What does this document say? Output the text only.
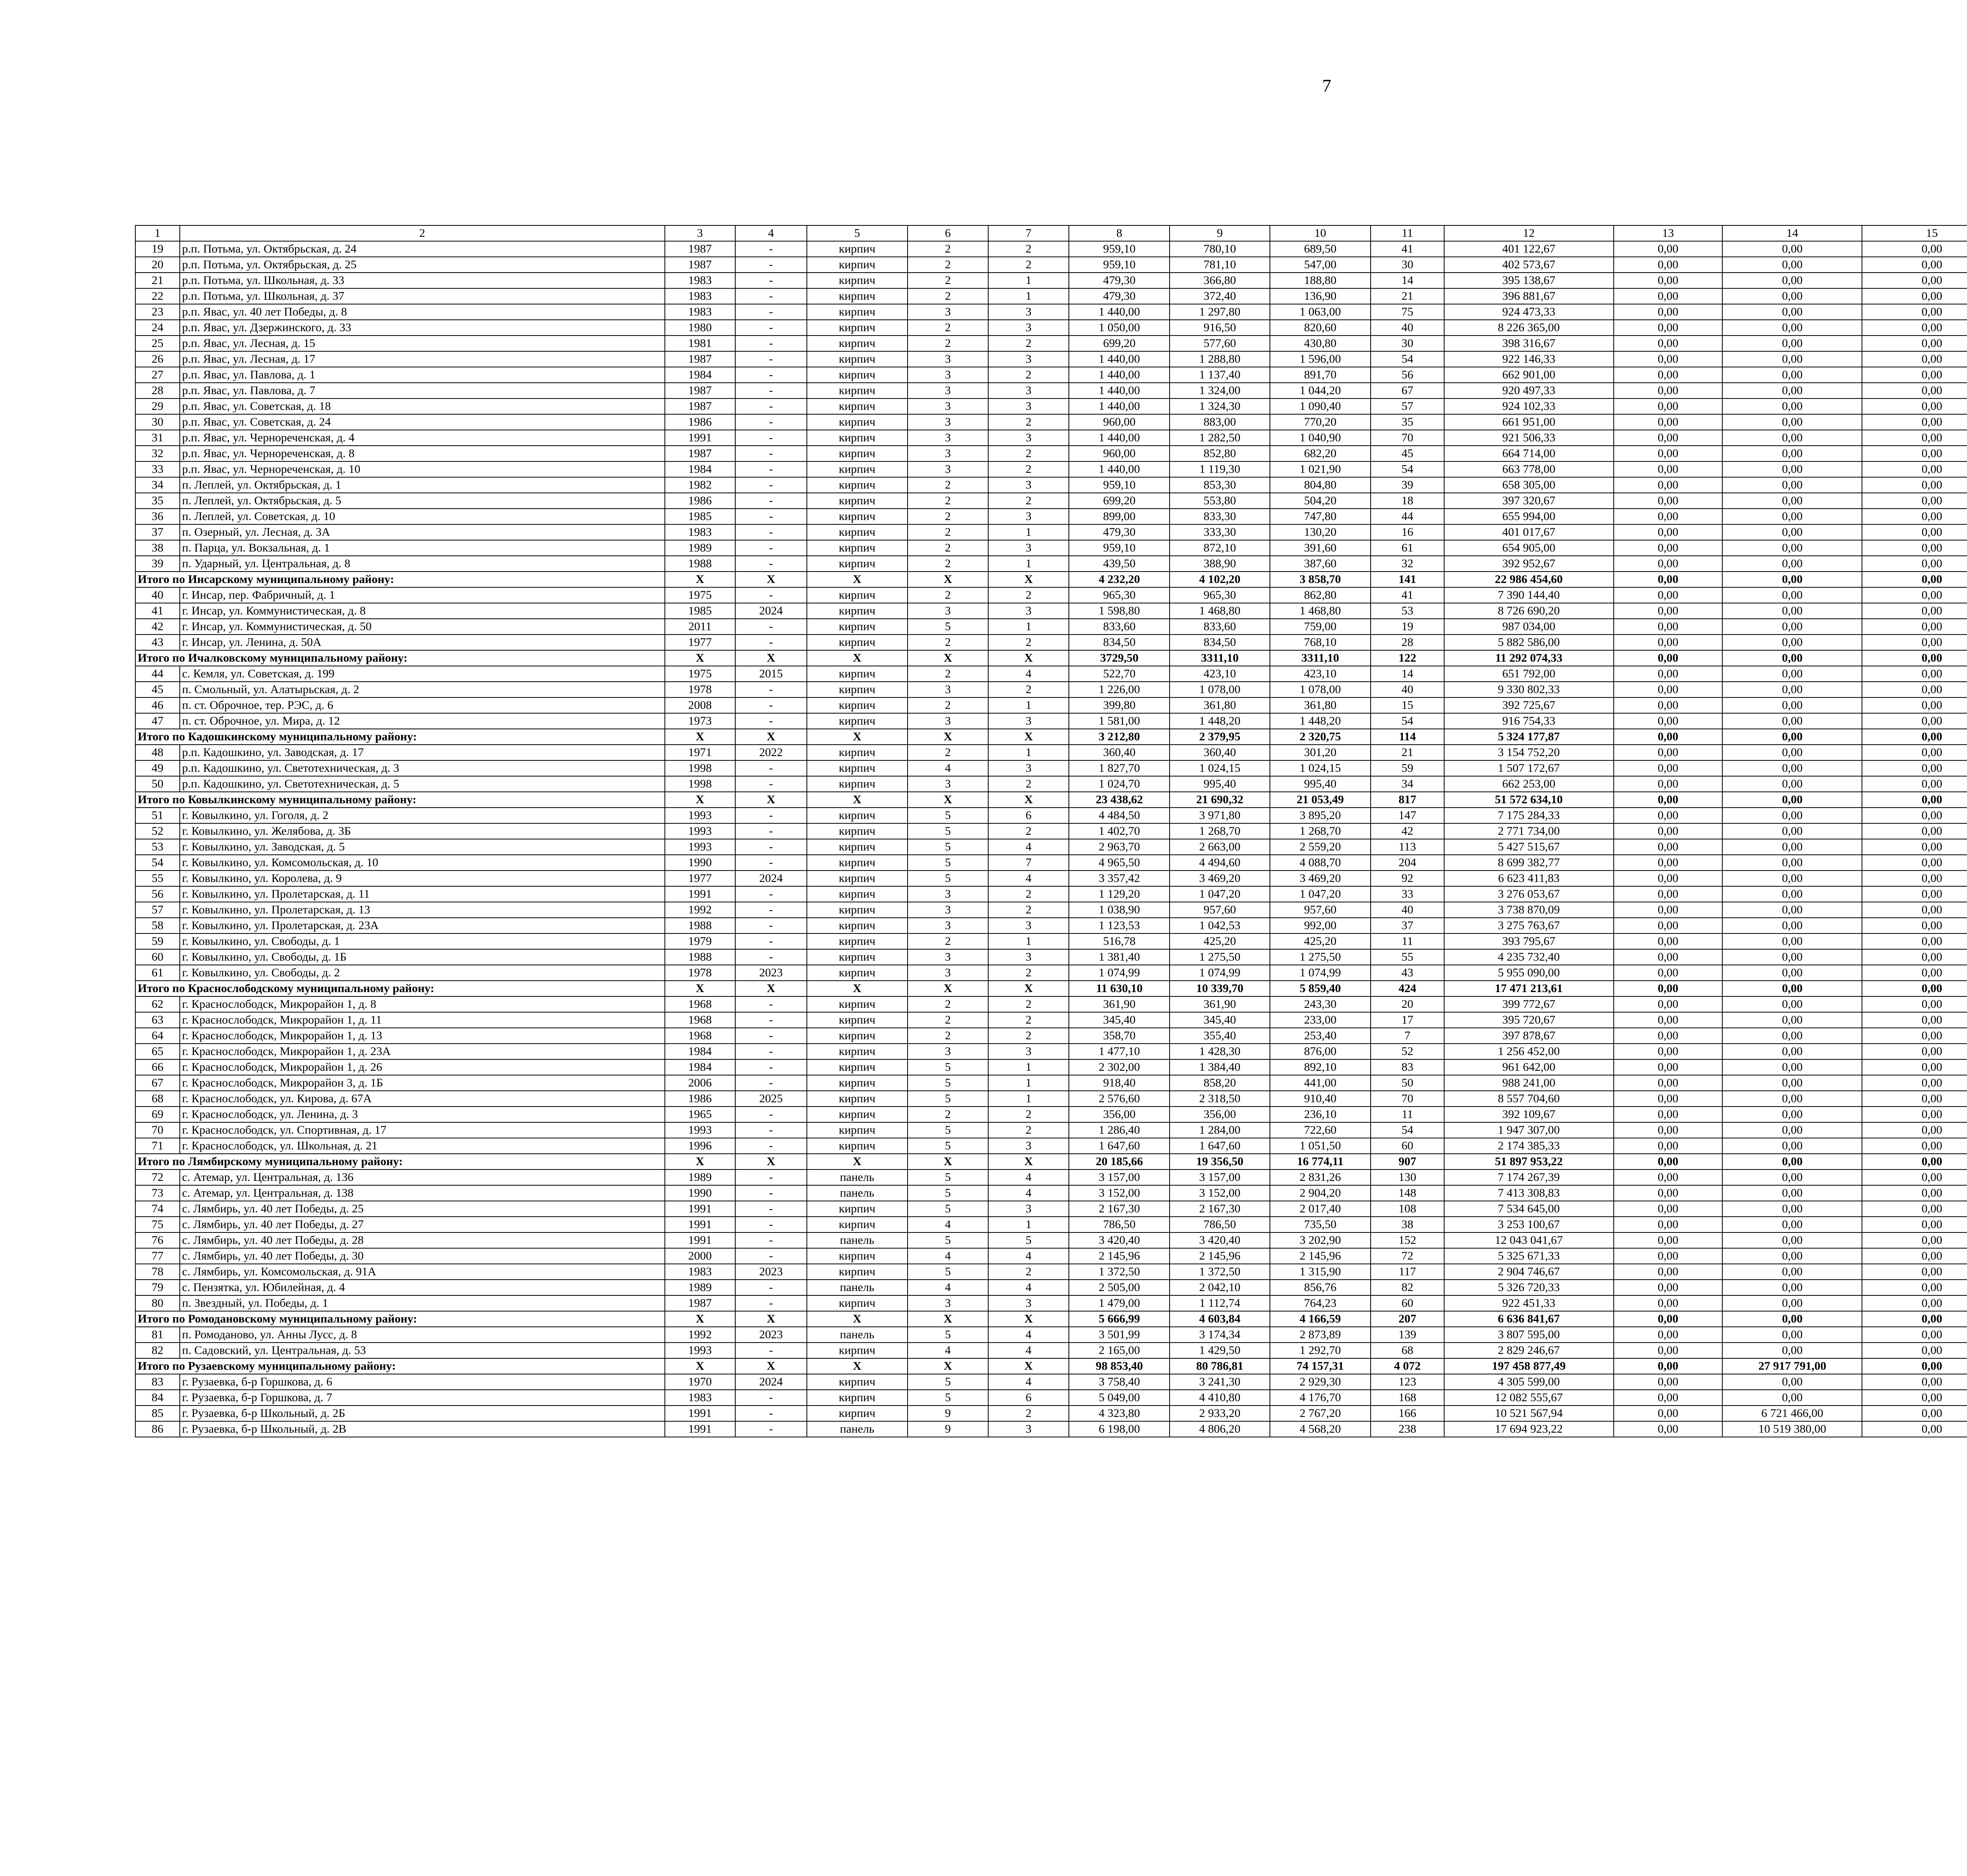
7
1	2	3	4	5	6	7	8	9	10	11	12	13	14	15				
19	р.п. Потьма, ул. Октябрьская, д. 24	1987	-	кирпич	2	2	959,10	780,10	689,50	41	401 122,67	0,00	0,00	0,00				
20	р.п. Потьма, ул. Октябрьская, д. 25	1987	-	кирпич	2	2	959,10	781,10	547,00	30	402 573,67	0,00	0,00	0,00				
21	р.п. Потьма, ул. Школьная, д. 33	1983	-	кирпич	2	1	479,30	366,80	188,80	14	395 138,67	0,00	0,00	0,00				
22	р.п. Потьма, ул. Школьная, д. 37	1983	-	кирпич	2	1	479,30	372,40	136,90	21	396 881,67	0,00	0,00	0,00				
23	р.п. Явас, ул. 40 лет Победы, д. 8	1983	-	кирпич	3	3	1 440,00	1 297,80	1 063,00	75	924 473,33	0,00	0,00	0,00				
24	р.п. Явас, ул. Дзержинского, д. 33	1980	-	кирпич	2	3	1 050,00	916,50	820,60	40	8 226 365,00	0,00	0,00	0,00				
25	р.п. Явас, ул. Лесная, д. 15	1981	-	кирпич	2	2	699,20	577,60	430,80	30	398 316,67	0,00	0,00	0,00				
26	р.п. Явас, ул. Лесная, д. 17	1987	-	кирпич	3	3	1 440,00	1 288,80	1 596,00	54	922 146,33	0,00	0,00	0,00				
27	р.п. Явас, ул. Павлова, д. 1	1984	-	кирпич	3	2	1 440,00	1 137,40	891,70	56	662 901,00	0,00	0,00	0,00				
28	р.п. Явас, ул. Павлова, д. 7	1987	-	кирпич	3	3	1 440,00	1 324,00	1 044,20	67	920 497,33	0,00	0,00	0,00				
29	р.п. Явас, ул. Советская, д. 18	1987	-	кирпич	3	3	1 440,00	1 324,30	1 090,40	57	924 102,33	0,00	0,00	0,00				
30	р.п. Явас, ул. Советская, д. 24	1986	-	кирпич	3	2	960,00	883,00	770,20	35	661 951,00	0,00	0,00	0,00				
31	р.п. Явас, ул. Чернореченская, д. 4	1991	-	кирпич	3	3	1 440,00	1 282,50	1 040,90	70	921 506,33	0,00	0,00	0,00				
32	р.п. Явас, ул. Чернореченская, д. 8	1987	-	кирпич	3	2	960,00	852,80	682,20	45	664 714,00	0,00	0,00	0,00				
33	р.п. Явас, ул. Чернореченская, д. 10	1984	-	кирпич	3	2	1 440,00	1 119,30	1 021,90	54	663 778,00	0,00	0,00	0,00				
34	п. Леплей, ул. Октябрьская, д. 1	1982	-	кирпич	2	3	959,10	853,30	804,80	39	658 305,00	0,00	0,00	0,00				
35	п. Леплей, ул. Октябрьская, д. 5	1986	-	кирпич	2	2	699,20	553,80	504,20	18	397 320,67	0,00	0,00	0,00				
36	п. Леплей, ул. Советская, д. 10	1985	-	кирпич	2	3	899,00	833,30	747,80	44	655 994,00	0,00	0,00	0,00				
37	п. Озерный, ул. Лесная, д. 3А	1983	-	кирпич	2	1	479,30	333,30	130,20	16	401 017,67	0,00	0,00	0,00				
38	п. Парца, ул. Вокзальная, д. 1	1989	-	кирпич	2	3	959,10	872,10	391,60	61	654 905,00	0,00	0,00	0,00				
39	п. Ударный, ул. Центральная, д. 8	1988	-	кирпич	2	1	439,50	388,90	387,60	32	392 952,67	0,00	0,00	0,00				
Итого по Инсарскому муниципальному району:		X	X	X	X	X	4 232,20	4 102,20	3 858,70	141	22 986 454,60	0,00	0,00	0,00				
40	г. Инсар, пер. Фабричный, д. 1	1975	-	кирпич	2	2	965,30	965,30	862,80	41	7 390 144,40	0,00	0,00	0,00				
41	г. Инсар, ул. Коммунистическая, д. 8	1985	2024	кирпич	3	3	1 598,80	1 468,80	1 468,80	53	8 726 690,20	0,00	0,00	0,00				
42	г. Инсар, ул. Коммунистическая, д. 50	2011	-	кирпич	5	1	833,60	833,60	759,00	19	987 034,00	0,00	0,00	0,00				
43	г. Инсар, ул. Ленина, д. 50А	1977	-	кирпич	2	2	834,50	834,50	768,10	28	5 882 586,00	0,00	0,00	0,00				
Итого по Ичалковскому муниципальному району:		X	X	X	X	X	3729,50	3311,10	3311,10	122	11 292 074,33	0,00	0,00	0,00				
44	с. Кемля, ул. Советская, д. 199	1975	2015	кирпич	2	4	522,70	423,10	423,10	14	651 792,00	0,00	0,00	0,00				
45	п. Смольный, ул. Алатырьская, д. 2	1978	-	кирпич	3	2	1 226,00	1 078,00	1 078,00	40	9 330 802,33	0,00	0,00	0,00				
46	п. ст. Оброчное, тер. РЭС, д. 6	2008	-	кирпич	2	1	399,80	361,80	361,80	15	392 725,67	0,00	0,00	0,00				
47	п. ст. Оброчное, ул. Мира, д. 12	1973	-	кирпич	3	3	1 581,00	1 448,20	1 448,20	54	916 754,33	0,00	0,00	0,00				
Итого по Кадошкинскому муниципальному району:		X	X	X	X	X	3 212,80	2 379,95	2 320,75	114	5 324 177,87	0,00	0,00	0,00				
48	р.п. Кадошкино, ул. Заводская, д. 17	1971	2022	кирпич	2	1	360,40	360,40	301,20	21	3 154 752,20	0,00	0,00	0,00				
49	р.п. Кадошкино, ул. Светотехническая, д. 3	1998	-	кирпич	4	3	1 827,70	1 024,15	1 024,15	59	1 507 172,67	0,00	0,00	0,00				
50	р.п. Кадошкино, ул. Светотехническая, д. 5	1998	-	кирпич	3	2	1 024,70	995,40	995,40	34	662 253,00	0,00	0,00	0,00				
Итого по Ковылкинскому муниципальному району:		X	X	X	X	X	23 438,62	21 690,32	21 053,49	817	51 572 634,10	0,00	0,00	0,00				
51	г. Ковылкино, ул. Гоголя, д. 2	1993	-	кирпич	5	6	4 484,50	3 971,80	3 895,20	147	7 175 284,33	0,00	0,00	0,00				
52	г. Ковылкино, ул. Желябова, д. 3Б	1993	-	кирпич	5	2	1 402,70	1 268,70	1 268,70	42	2 771 734,00	0,00	0,00	0,00				
53	г. Ковылкино, ул. Заводская, д. 5	1993	-	кирпич	5	4	2 963,70	2 663,00	2 559,20	113	5 427 515,67	0,00	0,00	0,00				
54	г. Ковылкино, ул. Комсомольская, д. 10	1990	-	кирпич	5	7	4 965,50	4 494,60	4 088,70	204	8 699 382,77	0,00	0,00	0,00				
55	г. Ковылкино, ул. Королева, д. 9	1977	2024	кирпич	5	4	3 357,42	3 469,20	3 469,20	92	6 623 411,83	0,00	0,00	0,00				
56	г. Ковылкино, ул. Пролетарская, д. 11	1991	-	кирпич	3	2	1 129,20	1 047,20	1 047,20	33	3 276 053,67	0,00	0,00	0,00				
57	г. Ковылкино, ул. Пролетарская, д. 13	1992	-	кирпич	3	2	1 038,90	957,60	957,60	40	3 738 870,09	0,00	0,00	0,00				
58	г. Ковылкино, ул. Пролетарская, д. 23А	1988	-	кирпич	3	3	1 123,53	1 042,53	992,00	37	3 275 763,67	0,00	0,00	0,00				
59	г. Ковылкино, ул. Свободы, д. 1	1979	-	кирпич	2	1	516,78	425,20	425,20	11	393 795,67	0,00	0,00	0,00				
60	г. Ковылкино, ул. Свободы, д. 1Б	1988	-	кирпич	3	3	1 381,40	1 275,50	1 275,50	55	4 235 732,40	0,00	0,00	0,00				
61	г. Ковылкино, ул. Свободы, д. 2	1978	2023	кирпич	3	2	1 074,99	1 074,99	1 074,99	43	5 955 090,00	0,00	0,00	0,00				
Итого по Краснослободскому муниципальному району:		X	X	X	X	X	11 630,10	10 339,70	5 859,40	424	17 471 213,61	0,00	0,00	0,00				
62	г. Краснослободск, Микрорайон 1, д. 8	1968	-	кирпич	2	2	361,90	361,90	243,30	20	399 772,67	0,00	0,00	0,00				
63	г. Краснослободск, Микрорайон 1, д. 11	1968	-	кирпич	2	2	345,40	345,40	233,00	17	395 720,67	0,00	0,00	0,00				
64	г. Краснослободск, Микрорайон 1, д. 13	1968	-	кирпич	2	2	358,70	355,40	253,40	7	397 878,67	0,00	0,00	0,00				
65	г. Краснослободск, Микрорайон 1, д. 23А	1984	-	кирпич	3	3	1 477,10	1 428,30	876,00	52	1 256 452,00	0,00	0,00	0,00				
66	г. Краснослободск, Микрорайон 1, д. 26	1984	-	кирпич	5	1	2 302,00	1 384,40	892,10	83	961 642,00	0,00	0,00	0,00				
67	г. Краснослободск, Микрорайон 3, д. 1Б	2006	-	кирпич	5	1	918,40	858,20	441,00	50	988 241,00	0,00	0,00	0,00				
68	г. Краснослободск, ул. Кирова, д. 67А	1986	2025	кирпич	5	1	2 576,60	2 318,50	910,40	70	8 557 704,60	0,00	0,00	0,00				
69	г. Краснослободск, ул. Ленина, д. 3	1965	-	кирпич	2	2	356,00	356,00	236,10	11	392 109,67	0,00	0,00	0,00				
70	г. Краснослободск, ул. Спортивная, д. 17	1993	-	кирпич	5	2	1 286,40	1 284,00	722,60	54	1 947 307,00	0,00	0,00	0,00				
71	г. Краснослободск, ул. Школьная, д. 21	1996	-	кирпич	5	3	1 647,60	1 647,60	1 051,50	60	2 174 385,33	0,00	0,00	0,00				
Итого по Лямбирскому муниципальному району:		X	X	X	X	X	20 185,66	19 356,50	16 774,11	907	51 897 953,22	0,00	0,00	0,00				
72	с. Атемар, ул. Центральная, д. 136	1989	-	панель	5	4	3 157,00	3 157,00	2 831,26	130	7 174 267,39	0,00	0,00	0,00				
73	с. Атемар, ул. Центральная, д. 138	1990	-	панель	5	4	3 152,00	3 152,00	2 904,20	148	7 413 308,83	0,00	0,00	0,00				
74	с. Лямбирь, ул. 40 лет Победы, д. 25	1991	-	кирпич	5	3	2 167,30	2 167,30	2 017,40	108	7 534 645,00	0,00	0,00	0,00				
75	с. Лямбирь, ул. 40 лет Победы, д. 27	1991	-	кирпич	4	1	786,50	786,50	735,50	38	3 253 100,67	0,00	0,00	0,00				
76	с. Лямбирь, ул. 40 лет Победы, д. 28	1991	-	панель	5	5	3 420,40	3 420,40	3 202,90	152	12 043 041,67	0,00	0,00	0,00				
77	с. Лямбирь, ул. 40 лет Победы, д. 30	2000	-	кирпич	4	4	2 145,96	2 145,96	2 145,96	72	5 325 671,33	0,00	0,00	0,00				
78	с. Лямбирь, ул. Комсомольская, д. 91А	1983	2023	кирпич	5	2	1 372,50	1 372,50	1 315,90	117	2 904 746,67	0,00	0,00	0,00				
79	с. Пензятка, ул. Юбилейная, д. 4	1989	-	панель	4	4	2 505,00	2 042,10	856,76	82	5 326 720,33	0,00	0,00	0,00				
80	п. Звездный, ул. Победы, д. 1	1987	-	кирпич	3	3	1 479,00	1 112,74	764,23	60	922 451,33	0,00	0,00	0,00				
Итого по Ромодановскому муниципальному району:		X	X	X	X	X	5 666,99	4 603,84	4 166,59	207	6 636 841,67	0,00	0,00	0,00				
81	п. Ромоданово, ул. Анны Лусс, д. 8	1992	2023	панель	5	4	3 501,99	3 174,34	2 873,89	139	3 807 595,00	0,00	0,00	0,00				
82	п. Садовский, ул. Центральная, д. 53	1993	-	кирпич	4	4	2 165,00	1 429,50	1 292,70	68	2 829 246,67	0,00	0,00	0,00				
Итого по Рузаевскому муниципальному району:		X	X	X	X	X	98 853,40	80 786,81	74 157,31	4 072	197 458 877,49	0,00	27 917 791,00	0,00				
83	г. Рузаевка, б-р Горшкова, д. 6	1970	2024	кирпич	5	4	3 758,40	3 241,30	2 929,30	123	4 305 599,00	0,00	0,00	0,00				
84	г. Рузаевка, б-р Горшкова, д. 7	1983	-	кирпич	5	6	5 049,00	4 410,80	4 176,70	168	12 082 555,67	0,00	0,00	0,00				
85	г. Рузаевка, б-р Школьный, д. 2Б	1991	-	кирпич	9	2	4 323,80	2 933,20	2 767,20	166	10 521 567,94	0,00	6 721 466,00	0,00				
86	г. Рузаевка, б-р Школьный, д. 2В	1991	-	панель	9	3	6 198,00	4 806,20	4 568,20	238	17 694 923,22	0,00	10 519 380,00	0,00				
